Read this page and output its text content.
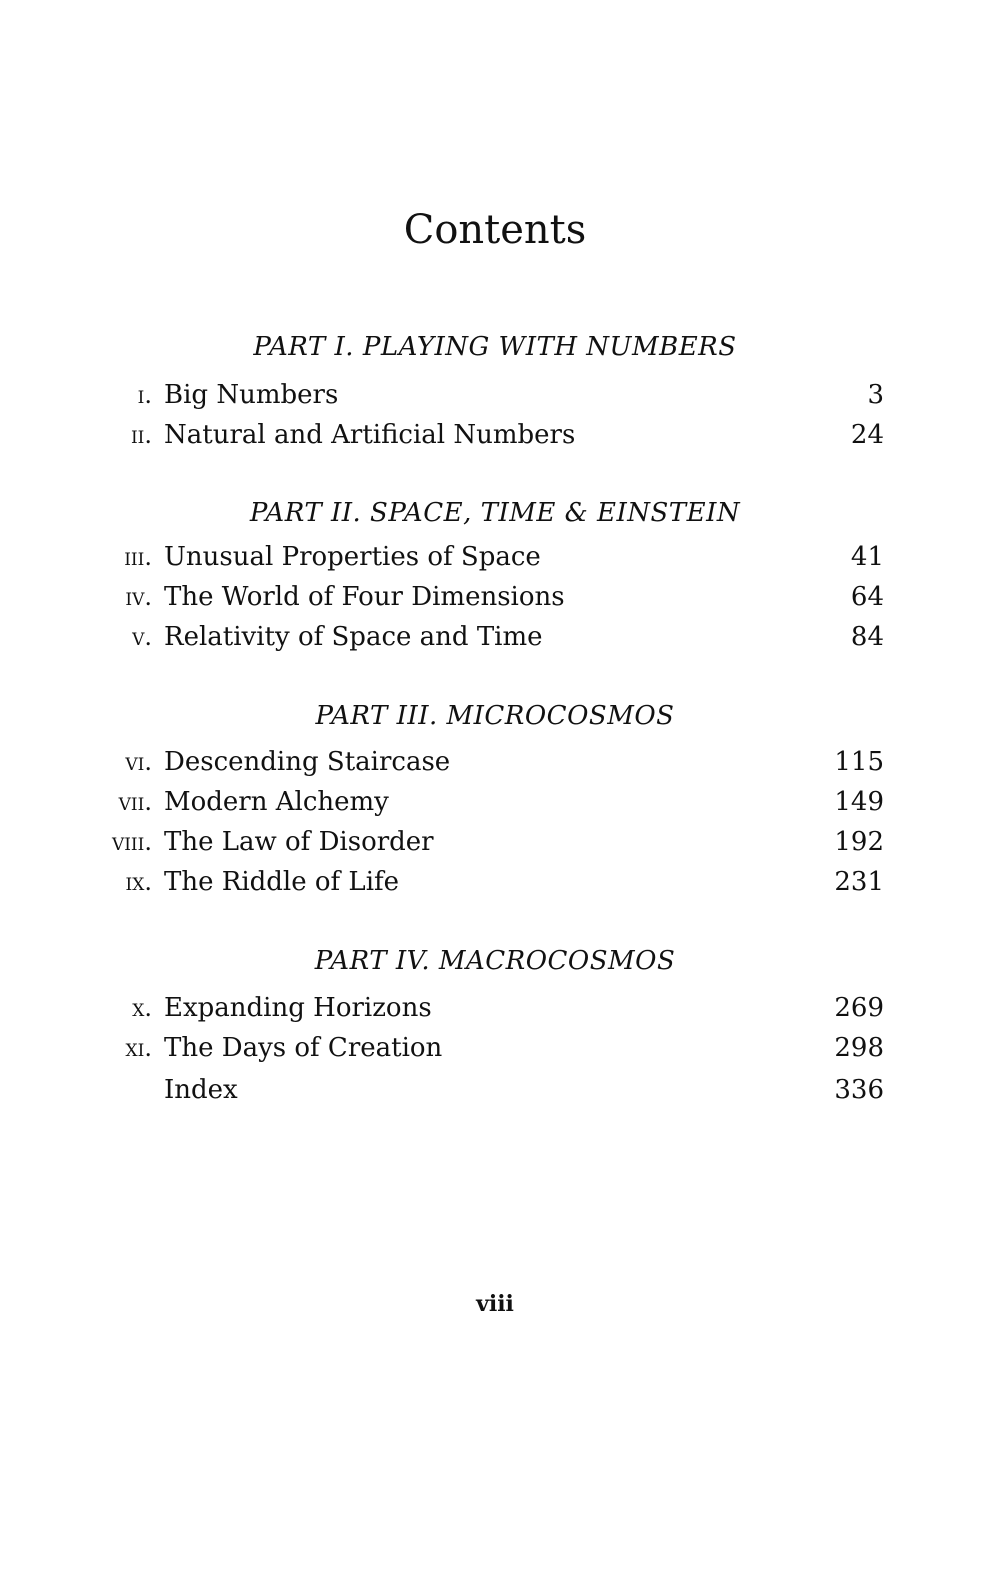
Contents
PART I. PLAYING WITH NUMBERS
i. Big Numbers	3
ii. Natural and Artificial Numbers	24
PART II. SPACE, TIME & EINSTEIN
iii. Unusual Properties of Space	41
iv. The World of Four Dimensions	64
v. Relativity of Space and Time	84
PART III. MICROCOSMOS
vi. Descending Staircase	115
vii. Modern Alchemy	149
viii. The Law of Disorder	192
ix. The Riddle of Life	231
PART IV. MACROCOSMOS
x. Expanding Horizons	269
xi. The Days of Creation	298
Index	336
viii
